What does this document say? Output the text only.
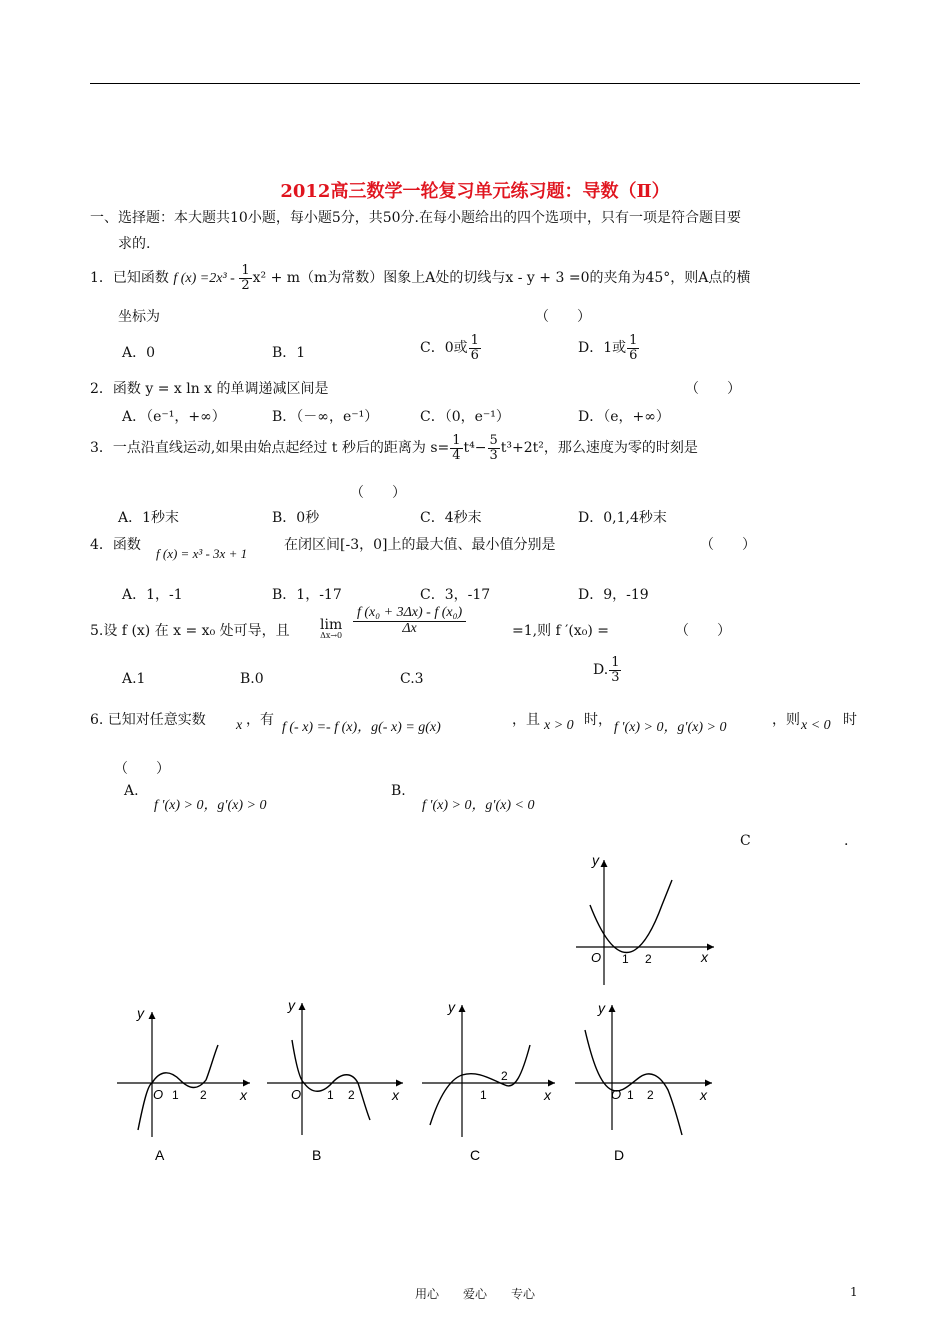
2012高三数学一轮复习单元练习题：导数（Ⅱ）
一、选择题：本大题共10小题，每小题5分，共50分.在每小题给出的四个选项中，只有一项是符合题目要
求的.
1．已知函数 f $(x) =2x^3 - \frac{1}{2} x^2 + m(m$为常数）图象上A处的切线与x - y + 3 =0的夹角为45°，则A点的横
坐标为	（　　）
A．0	B．1	C．0或 $\frac{1}{6}$	D．1或 $\frac{1}{6}$
2．函数 y = x ln x 的单调递减区间是	（　　）
A．（e⁻¹，+∞）	B．（－∞，e⁻¹）	C．（0，e⁻¹）	D．（e，+∞）
3．一点沿直线运动,如果由始点起经过 t 秒后的距离为 $s= \frac{1}{4} t^4- \frac{5}{3} t^3+2t^2$，那么速度为零的时刻是
（　　）
A．1秒末	B．0秒	C．4秒末	D．0,1,4秒末
4．函数
f (x) = x³ - 3x + 1
在闭区间[-3，0]上的最大值、最小值分别是	（　　）
A．1，-1	B．1，-17	C．3，-17	D．9，-19
5.设 f (x) 在 x = x₀ 处可导，且 lim
$\Delta x\to 0 \frac{\text{f (x₀ + 3Δx) - f (x₀)}}{\Delta x}$	=1,则 f ′(x₀) =	（　　）
A.1	B.0	C.3
D. $\frac{1}{3}$
6. 已知对任意实数 x ，有 f (- x) =- f (x)，g(- x) = g(x)	，且 x > 0 时， f ′(x) > 0，g′(x) > 0	，则 x < 0 时
（　　）
A.
f ′(x) > 0，g′(x) > 0
B.
f ′(x) > 0，g′(x) < 0
C	.
y
x
O 1 2
y
x
O 1 2
A
y
x
O 1 2
B
y
x
1
2
C
y
x
O 1 2
D
用心　　爱心　　专心	1
